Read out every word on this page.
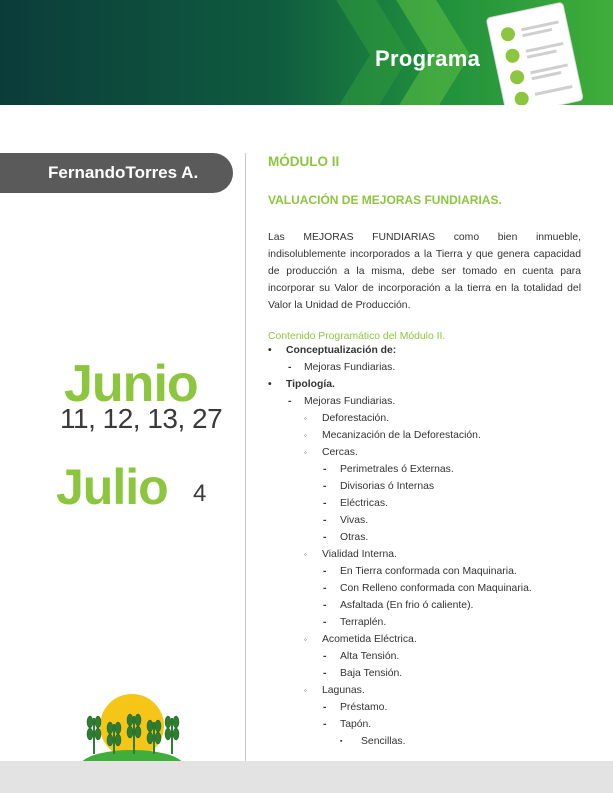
Programa
FernandoTorres A.
Junio
11, 12, 13, 27
Julio 4
MÓDULO II
VALUACIÓN DE MEJORAS FUNDIARIAS.
Las MEJORAS FUNDIARIAS como bien inmueble, indisolublemente incorporados a la Tierra y que genera capacidad de producción a la misma, debe ser tomado en cuenta para incorporar su Valor de incorporación a la tierra en la totalidad del Valor la Unidad de Producción.
Contenido Programático del Módulo II.
• Conceptualización de:
- Mejoras Fundiarias.
• Tipología.
- Mejoras Fundiarias.
◦ Deforestación.
◦ Mecanización de la Deforestación.
◦ Cercas.
- Perimetrales ó Externas.
- Divisorias ó Internas
- Eléctricas.
- Vivas.
- Otras.
◦ Vialidad Interna.
- En Tierra conformada con Maquinaria.
- Con Relleno conformada con Maquinaria.
- Asfaltada (En frio ó caliente).
- Terraplén.
◦ Acometida Eléctrica.
- Alta Tensión.
- Baja Tensión.
◦ Lagunas.
- Préstamo.
- Tapón.
▪ Sencillas.
